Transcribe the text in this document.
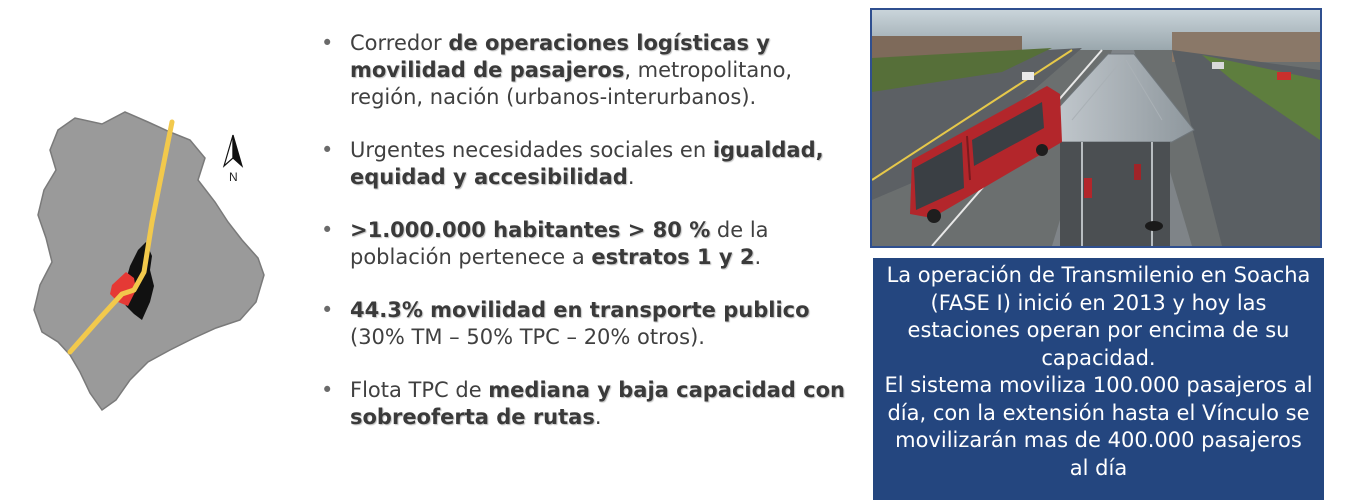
N
• Corredor de operaciones logísticas y movilidad de pasajeros, metropolitano, región, nación (urbanos-interurbanos).
• Urgentes necesidades sociales en igualdad, equidad y accesibilidad.
• >1.000.000 habitantes > 80 % de la población pertenece a estratos 1 y 2.
• 44.3% movilidad en transporte publico (30% TM – 50% TPC – 20% otros).
• Flota TPC de mediana y baja capacidad con sobreoferta de rutas.

La operación de Transmilenio en Soacha (FASE I) inició en 2013 y hoy las estaciones operan por encima de su capacidad.

El sistema moviliza 100.000 pasajeros al día, con la extensión hasta el Vínculo se movilizarán mas de 400.000 pasajeros al día
